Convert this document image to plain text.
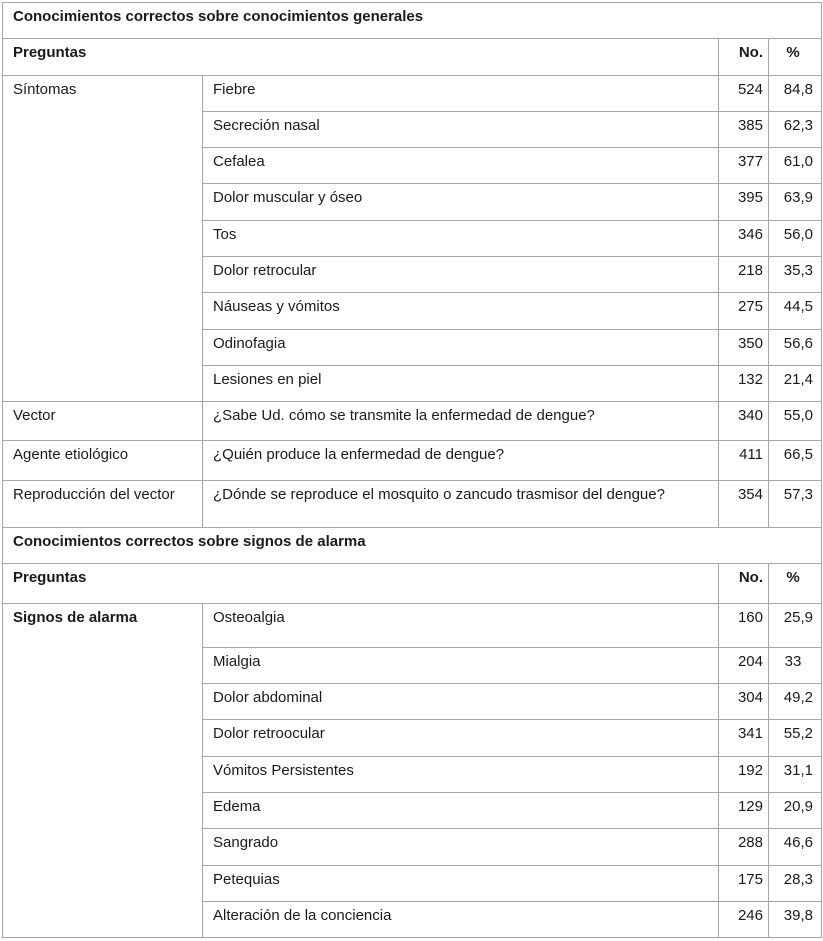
Conocimientos correctos sobre conocimientos generales			
Preguntas		No.	%
Síntomas	Fiebre	524	84,8
	Secreción nasal	385	62,3
	Cefalea	377	61,0
	Dolor muscular y óseo	395	63,9
	Tos	346	56,0
	Dolor retrocular	218	35,3
	Náuseas y vómitos	275	44,5
	Odinofagia	350	56,6
	Lesiones en piel	132	21,4
Vector	¿Sabe Ud. cómo se transmite la enfermedad de dengue?	340	55,0
Agente etiológico	¿Quién produce la enfermedad de dengue?	411	66,5
Reproducción del vector	¿Dónde se reproduce el mosquito o zancudo trasmisor del dengue?	354	57,3
Conocimientos correctos sobre signos de alarma			
Preguntas		No.	%
Signos de alarma	Osteoalgia	160	25,9
	Mialgia	204	33
	Dolor abdominal	304	49,2
	Dolor retroocular	341	55,2
	Vómitos Persistentes	192	31,1
	Edema	129	20,9
	Sangrado	288	46,6
	Petequias	175	28,3
	Alteración de la conciencia	246	39,8
